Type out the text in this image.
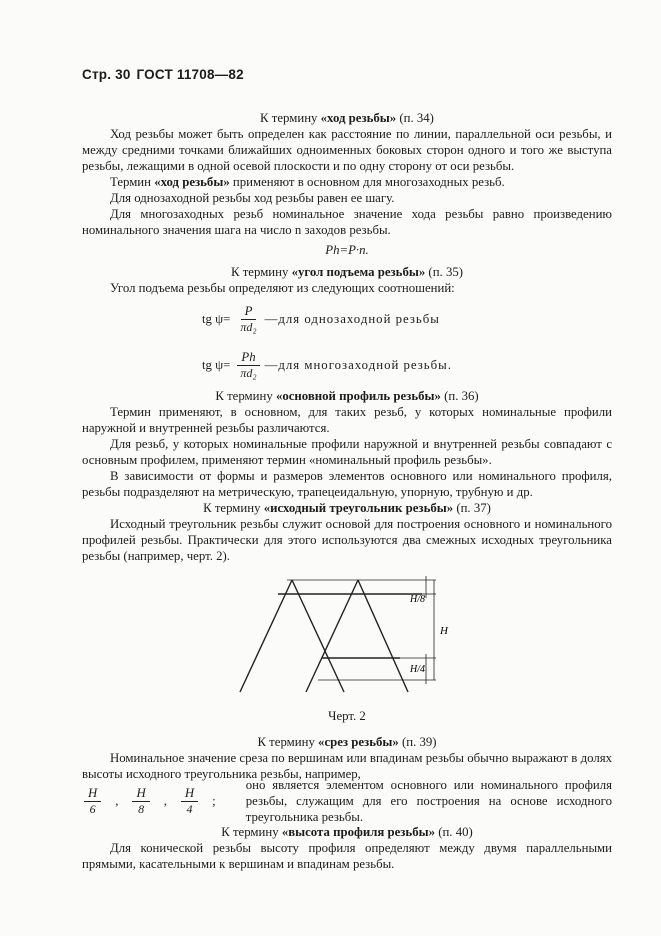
Стр. 30 ГОСТ 11708—82
К термину «ход резьбы» (п. 34)

Ход резьбы может быть определен как расстояние по линии, параллельной оси резьбы, и между средними точками ближайших одноименных боковых сторон одного и того же выступа резьбы, лежащими в одной осевой плоскости и по одну сторону от оси резьбы.

Термин «ход резьбы» применяют в основном для многозаходных резьб.

Для однозаходной резьбы ход резьбы равен ее шагу.

Для многозаходных резьб номинальное значение хода резьбы равно произведению номинального значения шага на число n заходов резьбы.

Ph=P·n.
К термину «угол подъема резьбы» (п. 35)

Угол подъема резьбы определяют из следующих соотношений:

tg $\psi= \frac{P}{\text{πd₂}}$ —для однозаходной резьбы
tg $\psi= \frac{Ph}{\text{πd₂}}$ —для многозаходной резьбы.
К термину «основной профиль резьбы» (п. 36)

Термин применяют, в основном, для таких резьб, у которых номинальные профили наружной и внутренней резьбы различаются.

Для резьб, у которых номинальные профили наружной и внутренней резьбы совпадают с основным профилем, применяют термин «номинальный профиль резьбы».

В зависимости от формы и размеров элементов основного или номинального профиля, резьбы подразделяют на метрическую, трапецеидальную, упорную, трубную и др.

К термину «исходный треугольник резьбы» (п. 37)

Исходный треугольник резьбы служит основой для построения основного и номинального профилей резьбы. Практически для этого используются два смежных исходных треугольника резьбы (например, черт. 2).

H/8
H
H/4
Черт. 2
К термину «срез резьбы» (п. 39)

Номинальное значение среза по вершинам или впадинам резьбы обычно выражают в долях высоты исходного треугольника резьбы, например,

$\frac{H}{6}$ , $\frac{H}{8}$ , $\frac{H}{4}$ ;
оно является элементом основного или номинального профиля резьбы, служащим для его построения на основе исходного треугольника резьбы.
К термину «высота профиля резьбы» (п. 40)

Для конической резьбы высоту профиля определяют между двумя параллельными прямыми, касательными к вершинам и впадинам резьбы.
